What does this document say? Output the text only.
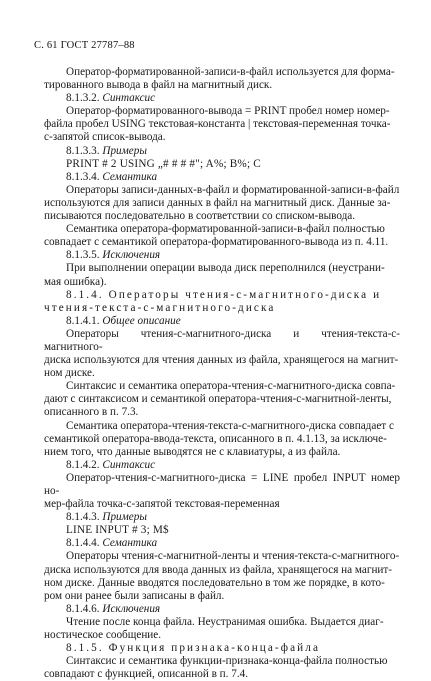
С. 61 ГОСТ 27787–88

Оператор-форматированной-записи-в-файл используется для форма-

тированного вывода в файл на магнитный диск.

8.1.3.2. Синтаксис

Оператор-форматированного-вывода = PRINT пробел номер номер-

файла пробел USING текстовая-константа | текстовая-переменная точка-

с-запятой список-вывода.

8.1.3.3. Примеры

PRINT # 2 USING „# # # #"; A%; B%; C

8.1.3.4. Семантика

Операторы записи-данных-в-файл и форматированной-записи-в-файл

используются для записи данных в файл на магнитный диск. Данные за-

писываются последовательно в соответствии со списком-вывода.

Семантика оператора-форматированной-записи-в-файл полностью

совпадает с семантикой оператора-форматированного-вывода из п. 4.11.

8.1.3.5. Исключения

При выполнении операции вывода диск переполнился (неустрани-

мая ошибка).

8.1.4. Операторы чтения-с-магнитного-диска и

чтения-текста-с-магнитного-диска

8.1.4.1. Общее описание

Операторы чтения-с-магнитного-диска и чтения-текста-с-магнитного-

диска используются для чтения данных из файла, хранящегося на магнит-

ном диске.

Синтаксис и семантика оператора-чтения-с-магнитного-диска совпа-

дают с синтаксисом и семантикой оператора-чтения-с-магнитной-ленты,

описанного в п. 7.3.

Семантика оператора-чтения-текста-с-магнитного-диска совпадает с

семантикой оператора-ввода-текста, описанного в п. 4.1.13, за исключе-

нием того, что данные выводятся не с клавиатуры, а из файла.

8.1.4.2. Синтаксис

Оператор-чтения-с-магнитного-диска = LINE пробел INPUT номер но-

мер-файла точка-с-запятой текстовая-переменная

8.1.4.3. Примеры

LINE INPUT # 3; M$

8.1.4.4. Семантика

Операторы чтения-с-магнитной-ленты и чтения-текста-с-магнитного-

диска используются для ввода данных из файла, хранящегося на магнит-

ном диске. Данные вводятся последовательно в том же порядке, в кото-

ром они ранее были записаны в файл.

8.1.4.6. Исключения

Чтение после конца файла. Неустранимая ошибка. Выдается диаг-

ностическое сообщение.

8.1.5. Функция признака-конца-файла

Синтаксис и семантика функции-признака-конца-файла полностью

совпадают с функцией, описанной в п. 7.4.
